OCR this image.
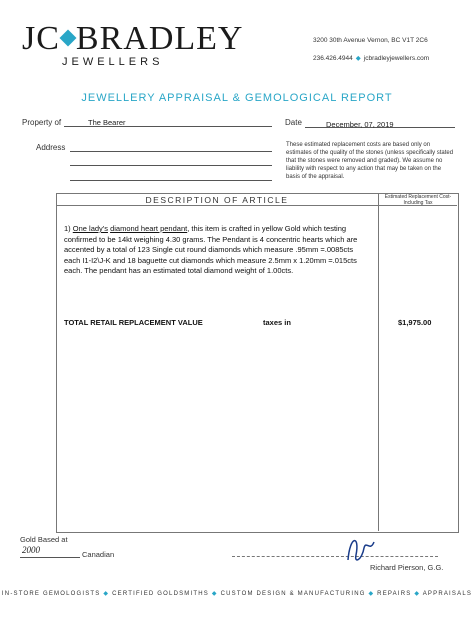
JC BRADLEY
JEWELLERS
3200 30th Avenue Vernon, BC V1T 2C6
236.426.4944 ◆ jcbradleyjewellers.com
JEWELLERY APPRAISAL & GEMOLOGICAL REPORT
Property of	The Bearer	Date	December, 07, 2019
Address	These estimated replacement costs are based only on estimates of the quality of the stones (unless specifically stated that the stones were removed and graded). We assume no liability with respect to any action that may be taken on the basis of the appraisal.
DESCRIPTION OF ARTICLE	Estimated Replacement Cost-Including Tax
1) One lady's diamond heart pendant, this item is crafted in yellow Gold which testing confirmed to be 14kt weighing 4.30 grams. The Pendant is 4 concentric hearts which are accented by a total of 123 Single cut round diamonds which measure .95mm =.0085cts each I1-I2\J-K and 18 baguette cut diamonds which measure 2.5mm x 1.20mm =.015cts each. The pendant has an estimated total diamond weight of 1.00cts.
TOTAL RETAIL REPLACEMENT VALUE	taxes in	$1,975.00
Gold Based at
2000	Canadian
Richard Pierson, G.G.
IN-STORE GEMOLOGISTS ◆ CERTIFIED GOLDSMITHS ◆ CUSTOM DESIGN & MANUFACTURING ◆ REPAIRS ◆ APPRAISALS
